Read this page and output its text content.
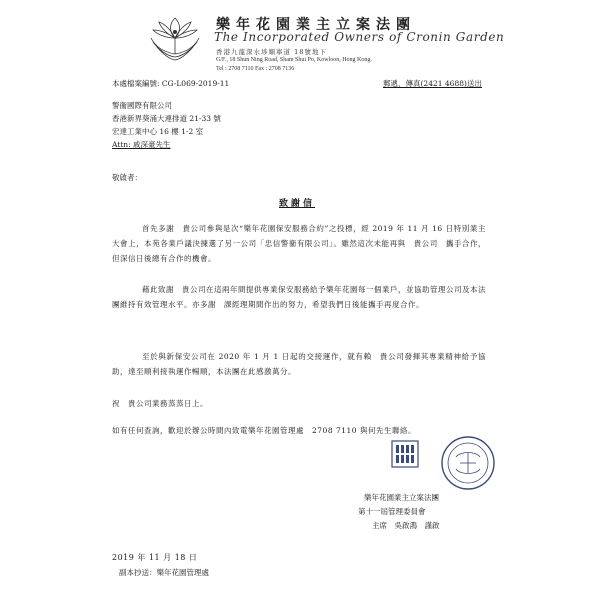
樂年花園業主立案法團
The Incorporated Owners of Cronin Garden
香港九龍深水埗順寧道 18號地下
G/F., 18 Shun Ning Road, Sham Shui Po, Kowloon, Hong Kong.
Tel : 2708 7110 Fax : 2708 7136
本處檔案編號: CG-L069-2019-11	郵遞、傳真(2421 4688)送出
警衞國際有限公司
香港新界葵涌大連排道 21-33 號
宏達工業中心 16 樓 1-2 室
Attn: 戚深豪先生
敬啟者：
致謝信
首先多謝　貴公司參與是次“樂年花園保安服務合約”之投標，經 2019 年 11 月 16 日特別業主大會上，本苑各業戶議決揀選了另一公司「忠信警衞有限公司」。雖然這次未能再與　貴公司　攜手合作，但深信日後總有合作的機會。
藉此致謝　貴公司在這兩年間提供專業保安服務給予樂年花園每一個業戶，並協助管理公司及本法團維持有效管理水平。亦多謝　課經理期間作出的努力，希望我們日後能攜手再度合作。
至於與新保安公司在 2020 年 1 月 1 日起的交接運作，就有賴　貴公司發揮其專業精神給予協助，達至順利接執運作暢順，本法團在此感激萬分。
祝　貴公司業務蒸蒸日上。
如有任何查詢，歡迎於辦公時間內致電樂年花園管理處　2708 7110 與何先生聯絡。
樂年花園業主立案法團
第十一屆管理委員會
主席　吳啟鴻　謹啟
2019 年 11 月 18 日
副本抄送：樂年花園管理處
